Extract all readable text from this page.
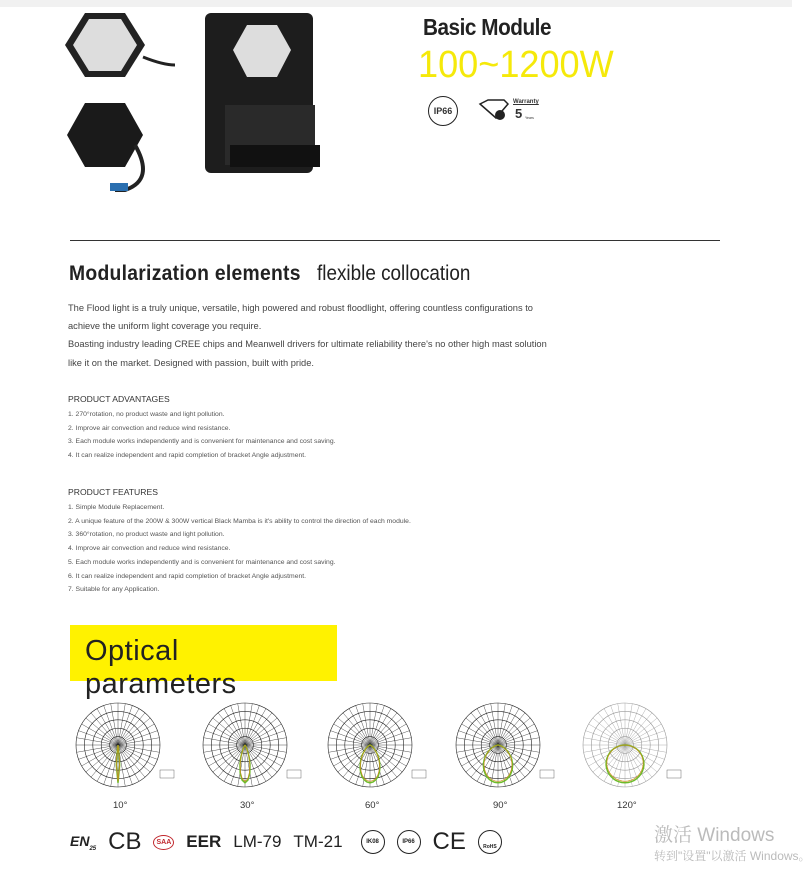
Basic Module
100~1200W
IP66
Warranty
5 Years
Modularization elements flexible collocation
The Flood light is a truly unique, versatile, high powered and robust floodlight, offering countless configurations to
achieve the uniform light coverage you require.
Boasting industry leading CREE chips and Meanwell drivers for ultimate reliability there's no other high mast solution
like it on the market. Designed with passion, built with pride.
PRODUCT ADVANTAGES
1. 270°rotation, no product waste and light pollution.
2. Improve air convection and reduce wind resistance.
3. Each module works independently and is convenient for maintenance and cost saving.
4. It can realize independent and rapid completion of bracket Angle adjustment.
PRODUCT FEATURES
1. Simple Module Replacement.
2. A unique feature of the 200W & 300W vertical Black Mamba is it's ability to control the direction of each module.
3. 360°rotation, no product waste and light pollution.
4. Improve air convection and reduce wind resistance.
5. Each module works independently and is convenient for maintenance and cost saving.
6. It can realize independent and rapid completion of bracket Angle adjustment.
7. Suitable for any Application.
Optical parameters
10°	30°	60°	90°	120°
$EN_{25}$ CB	SAA EER LM-79 TM-21	IK08	IP66 CE	RoHS
激活 Windows
转到"设置"以激活 Windows。
